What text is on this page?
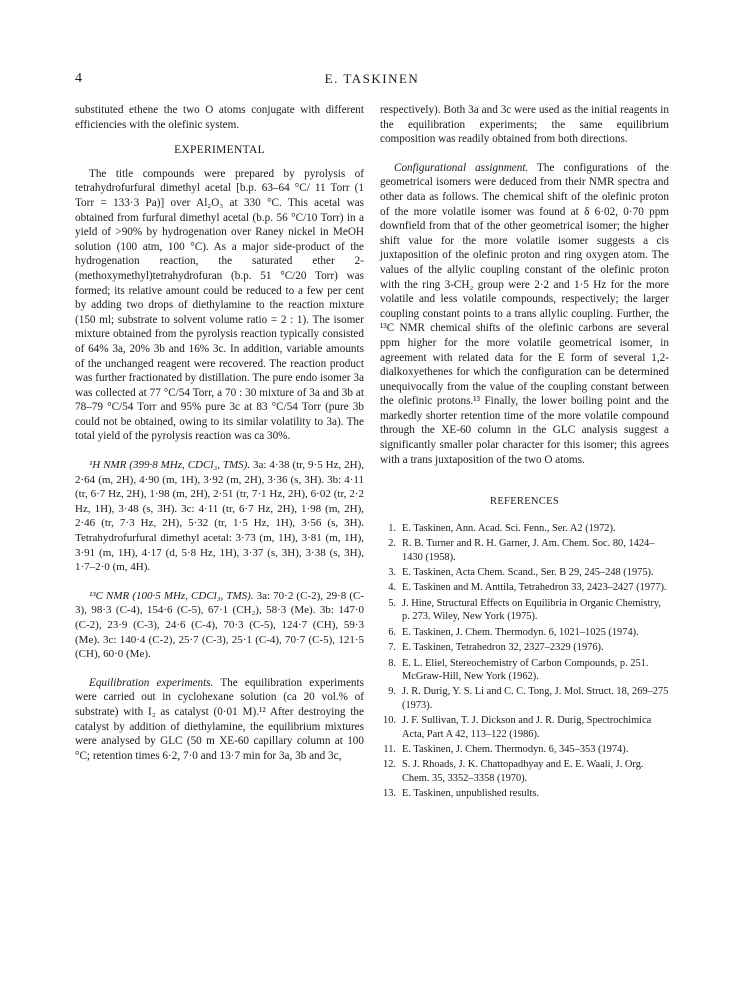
4	E. TASKINEN

substituted ethene the two O atoms conjugate with different efficiencies with the olefinic system.

EXPERIMENTAL

The title compounds were prepared by pyrolysis of tetrahydrofurfural dimethyl acetal [b.p. 63–64 °C/ 11 Torr (1 Torr = 133·3 Pa)] over Al₂O₃ at 330 °C. This acetal was obtained from furfural dimethyl acetal (b.p. 56 °C/10 Torr) in a yield of >90% by hydrogenation over Raney nickel in MeOH solution (100 atm, 100 °C). As a major side-product of the hydrogenation reaction, the saturated ether 2-(methoxymethyl)tetrahydrofuran (b.p. 51 °C/20 Torr) was formed; its relative amount could be reduced to a few per cent by adding two drops of diethylamine to the reaction mixture (150 ml; substrate to solvent volume ratio = 2 : 1). The isomer mixture obtained from the pyrolysis reaction typically consisted of 64% 3a, 20% 3b and 16% 3c. In addition, variable amounts of the unchanged reagent were recovered. The reaction product was further fractionated by distillation. The pure endo isomer 3a was collected at 77 °C/54 Torr, a 70 : 30 mixture of 3a and 3b at 78–79 °C/54 Torr and 95% pure 3c at 83 °C/54 Torr (pure 3b could not be obtained, owing to its similar volatility to 3a). The total yield of the pyrolysis reaction was ca 30%.

¹H NMR (399·8 MHz, CDCl₃, TMS). 3a: 4·38 (tr, 9·5 Hz, 2H), 2·64 (m, 2H), 4·90 (m, 1H), 3·92 (m, 2H), 3·36 (s, 3H). 3b: 4·11 (tr, 6·7 Hz, 2H), 1·98 (m, 2H), 2·51 (tr, 7·1 Hz, 2H), 6·02 (tr, 2·2 Hz, 1H), 3·48 (s, 3H). 3c: 4·11 (tr, 6·7 Hz, 2H), 1·98 (m, 2H), 2·46 (tr, 7·3 Hz, 2H), 5·32 (tr, 1·5 Hz, 1H), 3·56 (s, 3H). Tetrahydrofurfural dimethyl acetal: 3·73 (m, 1H), 3·81 (m, 1H), 3·91 (m, 1H), 4·17 (d, 5·8 Hz, 1H), 3·37 (s, 3H), 3·38 (s, 3H), 1·7–2·0 (m, 4H).

¹³C NMR (100·5 MHz, CDCl₃, TMS). 3a: 70·2 (C-2), 29·8 (C-3), 98·3 (C-4), 154·6 (C-5), 67·1 (CH₂), 58·3 (Me). 3b: 147·0 (C-2), 23·9 (C-3), 24·6 (C-4), 70·3 (C-5), 124·7 (CH), 59·3 (Me). 3c: 140·4 (C-2), 25·7 (C-3), 25·1 (C-4), 70·7 (C-5), 121·5 (CH), 60·0 (Me).

Equilibration experiments. The equilibration experiments were carried out in cyclohexane solution (ca 20 vol.% of substrate) with I₂ as catalyst (0·01 M).¹² After destroying the catalyst by addition of diethylamine, the equilibrium mixtures were analysed by GLC (50 m XE-60 capillary column at 100 °C; retention times 6·2, 7·0 and 13·7 min for 3a, 3b and 3c,

respectively). Both 3a and 3c were used as the initial reagents in the equilibration experiments; the same equilibrium composition was readily obtained from both directions.

Configurational assignment. The configurations of the geometrical isomers were deduced from their NMR spectra and other data as follows. The chemical shift of the olefinic proton of the more volatile isomer was found at δ 6·02, 0·70 ppm downfield from that of the other geometrical isomer; the higher shift value for the more volatile isomer suggests a cis juxtaposition of the olefinic proton and ring oxygen atom. The values of the allylic coupling constant of the olefinic proton with the ring 3-CH₂ group were 2·2 and 1·5 Hz for the more volatile and less volatile compounds, respectively; the larger coupling constant points to a trans allylic coupling. Further, the ¹³C NMR chemical shifts of the olefinic carbons are several ppm higher for the more volatile geometrical isomer, in agreement with related data for the E form of several 1,2-dialkoxyethenes for which the configuration can be determined unequivocally from the value of the coupling constant between the olefinic protons.¹³ Finally, the lower boiling point and the markedly shorter retention time of the more volatile compound through the XE-60 column in the GLC analysis suggest a significantly smaller polar character for this isomer; this agrees with a trans juxtaposition of the two O atoms.

REFERENCES
1. E. Taskinen, Ann. Acad. Sci. Fenn., Ser. A2 (1972).
2. R. B. Turner and R. H. Garner, J. Am. Chem. Soc. 80, 1424–1430 (1958).
3. E. Taskinen, Acta Chem. Scand., Ser. B 29, 245–248 (1975).
4. E. Taskinen and M. Anttila, Tetrahedron 33, 2423–2427 (1977).
5. J. Hine, Structural Effects on Equilibria in Organic Chemistry, p. 273. Wiley, New York (1975).
6. E. Taskinen, J. Chem. Thermodyn. 6, 1021–1025 (1974).
7. E. Taskinen, Tetrahedron 32, 2327–2329 (1976).
8. E. L. Eliel, Stereochemistry of Carbon Compounds, p. 251. McGraw-Hill, New York (1962).
9. J. R. Durig, Y. S. Li and C. C. Tong, J. Mol. Struct. 18, 269–275 (1973).
10. J. F. Sullivan, T. J. Dickson and J. R. Durig, Spectrochimica Acta, Part A 42, 113–122 (1986).
11. E. Taskinen, J. Chem. Thermodyn. 6, 345–353 (1974).
12. S. J. Rhoads, J. K. Chattopadhyay and E. E. Waali, J. Org. Chem. 35, 3352–3358 (1970).
13. E. Taskinen, unpublished results.
